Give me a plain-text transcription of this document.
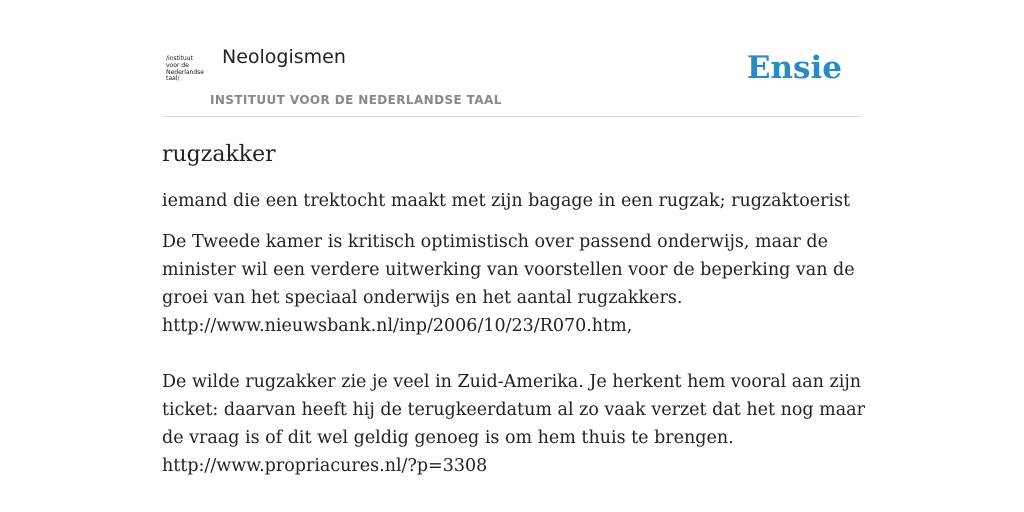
/instituut
voor de
Nederlandse
taal/
Neologismen
INSTITUUT VOOR DE NEDERLANDSE TAAL
Ensie
rugzakker

iemand die een trektocht maakt met zijn bagage in een rugzak; rugzaktoerist

De Tweede kamer is kritisch optimistisch over passend onderwijs, maar de minister wil een verdere uitwerking van voorstellen voor de beperking van de groei van het speciaal onderwijs en het aantal rugzakkers.
http://www.nieuwsbank.nl/inp/2006/10/23/R070.htm,
De wilde rugzakker zie je veel in Zuid-Amerika. Je herkent hem vooral aan zijn ticket: daarvan heeft hij de terugkeerdatum al zo vaak verzet dat het nog maar de vraag is of dit wel geldig genoeg is om hem thuis te brengen.
http://www.propriacures.nl/?p=3308
